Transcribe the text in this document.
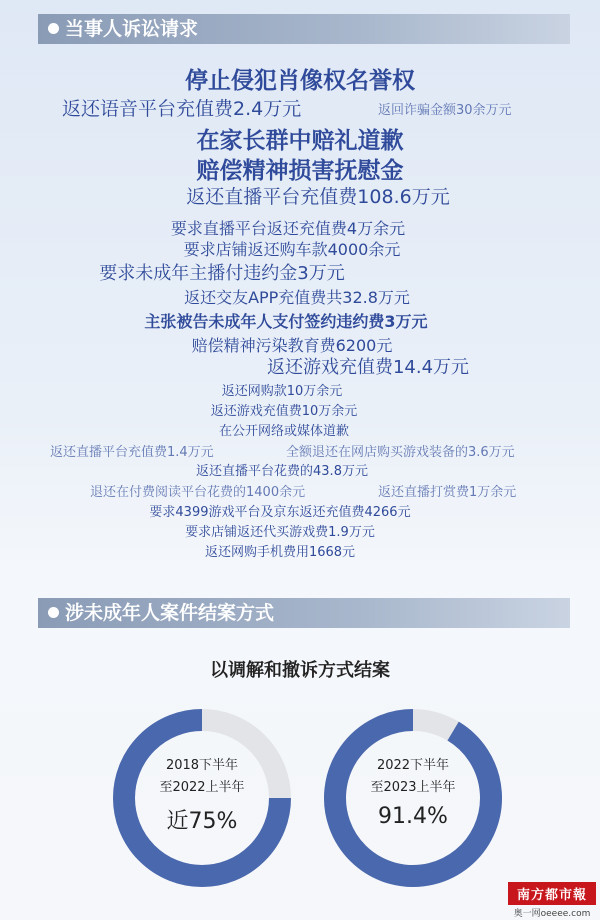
当事人诉讼请求
停止侵犯肖像权名誉权
返还语音平台充值费2.4万元	返回诈骗金额30余万元
在家长群中赔礼道歉
赔偿精神损害抚慰金
返还直播平台充值费108.6万元
要求直播平台返还充值费4万余元
要求店铺返还购车款4000余元
要求未成年主播付违约金3万元
返还交友APP充值费共32.8万元
主张被告未成年人支付签约违约费3万元
赔偿精神污染教育费6200元
返还游戏充值费14.4万元
返还网购款10万余元
返还游戏充值费10万余元
在公开网络或媒体道歉
返还直播平台充值费1.4万元	全额退还在网店购买游戏装备的3.6万元
返还直播平台花费的43.8万元
退还在付费阅读平台花费的1400余元	返还直播打赏费1万余元
要求4399游戏平台及京东返还充值费4266元
要求店铺返还代买游戏费1.9万元
返还网购手机费用1668元
涉未成年人案件结案方式
以调解和撤诉方式结案
2018下半年
至2022上半年
近75%
2022下半年
至2023上半年
91.4%
南方都市報
奥一网oeeee.com
